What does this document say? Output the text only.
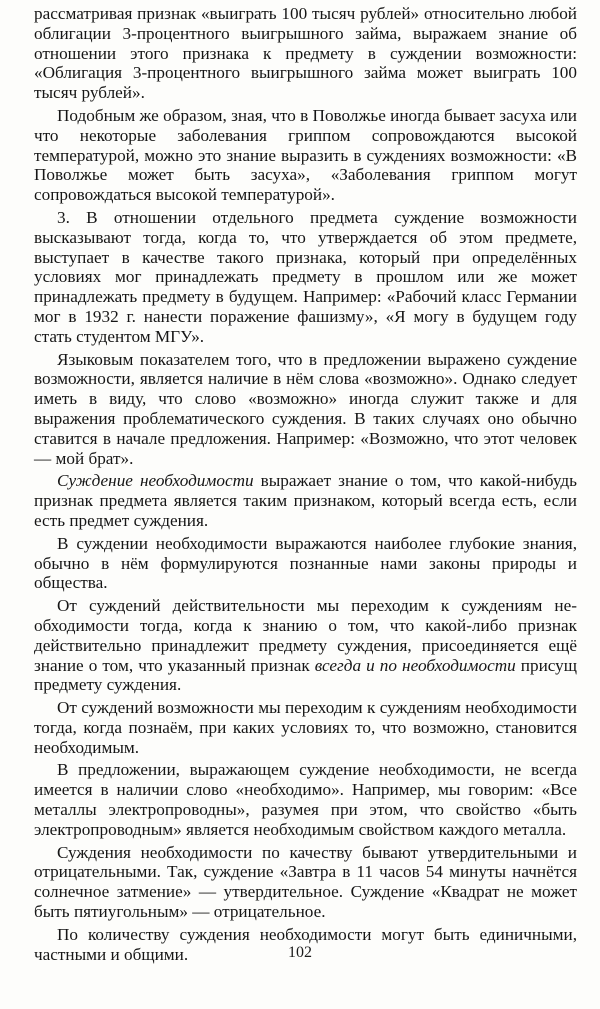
рассматривая признак «выиграть 100 тысяч рублей» относительно любой облигации 3-процентного выигрышного займа, выражаем знание об отношении этого признака к предмету в суждении возможности: «Облигация 3-процентного выигрышного займа может выиграть 100 тысяч рублей».

Подобным же образом, зная, что в Поволжье иногда бывает засуха или что некоторые заболевания гриппом сопровождаются высокой температурой, можно это знание выразить в суждениях возможности: «В Поволжье может быть засуха», «Заболевания гриппом могут сопровождаться высокой температурой».

3. В отношении отдельного предмета суждение возможности высказывают тогда, когда то, что утверждается об этом предмете, выступает в качестве такого признака, который при определённых условиях мог принадлежать предмету в прошлом или же может принадлежать предмету в будущем. Например: «Рабочий класс Германии мог в 1932 г. нанести поражение фашизму», «Я могу в будущем году стать студентом МГУ».

Языковым показателем того, что в предложении выражено суждение возможности, является наличие в нём слова «возможно». Однако следует иметь в виду, что слово «возможно» иногда служит также и для выражения проблематического суждения. В таких случаях оно обычно ставится в начале предложения. Например: «Возможно, что этот человек — мой брат».

Суждение необходимости выражает знание о том, что какой-нибудь признак предмета является таким признаком, который всегда есть, если есть предмет суждения.

В суждении необходимости выражаются наиболее глубокие знания, обычно в нём формулируются познанные нами законы природы и общества.

От суждений действительности мы переходим к суждениям необходимости тогда, когда к знанию о том, что какой-либо признак действительно принадлежит предмету суждения, присоединяется ещё знание о том, что указанный признак всегда и по необходимости присущ предмету суждения.

От суждений возможности мы переходим к суждениям необходимости тогда, когда познаём, при каких условиях то, что возможно, становится необходимым.

В предложении, выражающем суждение необходимости, не всегда имеется в наличии слово «необходимо». Например, мы говорим: «Все металлы электропроводны», разумея при этом, что свойство «быть электропроводным» является необходимым свойством каждого металла.

Суждения необходимости по качеству бывают утвердительными и отрицательными. Так, суждение «Завтра в 11 часов 54 минуты начнётся солнечное затмение» — утвердительное. Суждение «Квадрат не может быть пятиугольным» — отрицательное.

По количеству суждения необходимости могут быть единичными, частными и общими.	102
